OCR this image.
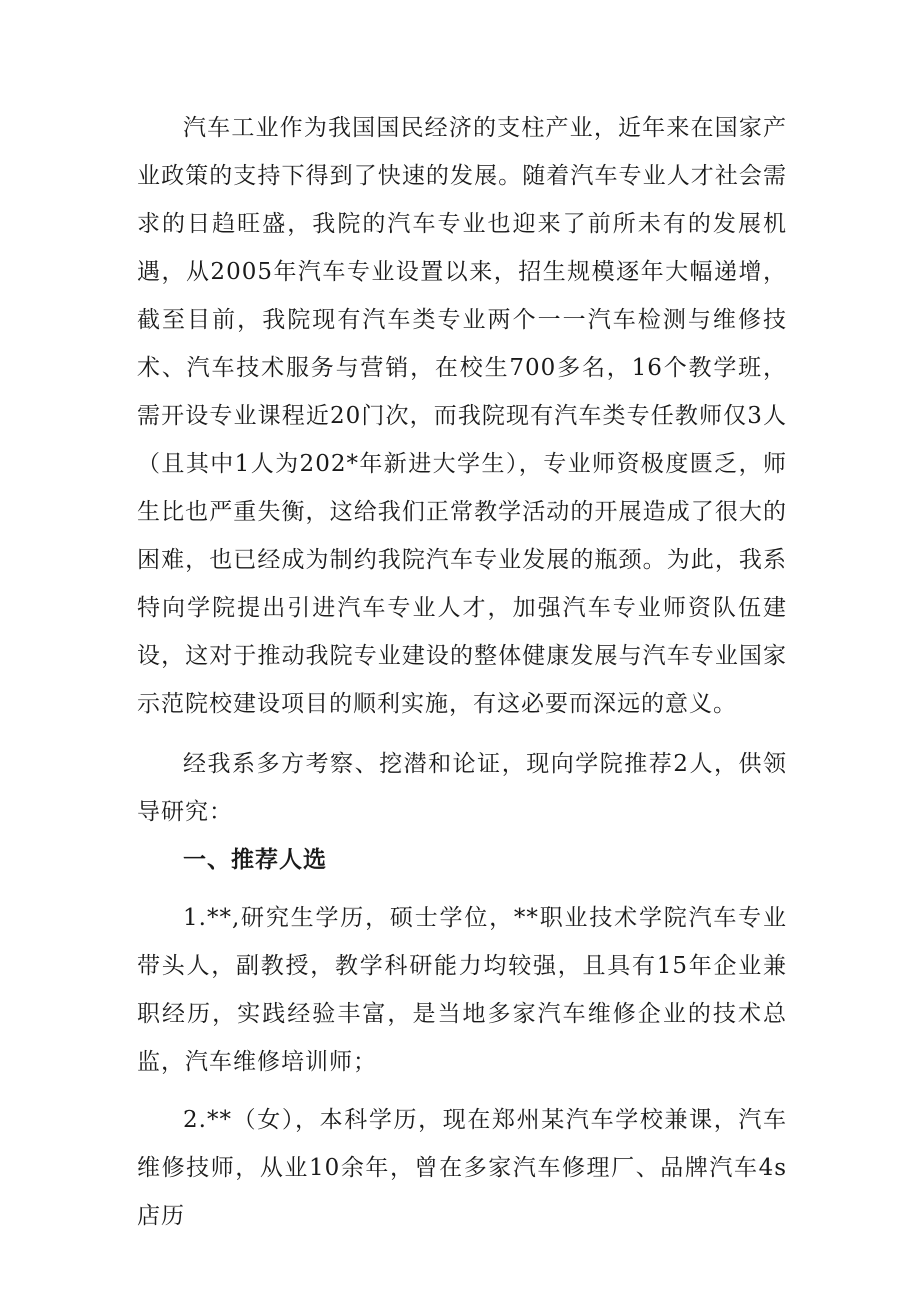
汽车工业作为我国国民经济的支柱产业，近年来在国家产业政策的支持下得到了快速的发展。随着汽车专业人才社会需求的日趋旺盛，我院的汽车专业也迎来了前所未有的发展机遇，从2005年汽车专业设置以来，招生规模逐年大幅递增，截至目前，我院现有汽车类专业两个一一汽车检测与维修技术、汽车技术服务与营销，在校生700多名，16个教学班，需开设专业课程近20门次，而我院现有汽车类专任教师仅3人（且其中1人为202*年新进大学生），专业师资极度匮乏，师生比也严重失衡，这给我们正常教学活动的开展造成了很大的困难，也已经成为制约我院汽车专业发展的瓶颈。为此，我系特向学院提出引进汽车专业人才，加强汽车专业师资队伍建设，这对于推动我院专业建设的整体健康发展与汽车专业国家示范院校建设项目的顺利实施，有这必要而深远的意义。

经我系多方考察、挖潜和论证，现向学院推荐2人，供领导研究：

一、推荐人选

1.**,研究生学历，硕士学位，**职业技术学院汽车专业带头人，副教授，教学科研能力均较强，且具有15年企业兼职经历，实践经验丰富，是当地多家汽车维修企业的技术总监，汽车维修培训师；

2.**（女），本科学历，现在郑州某汽车学校兼课，汽车维修技师，从业10余年，曾在多家汽车修理厂、品牌汽车4s店历
